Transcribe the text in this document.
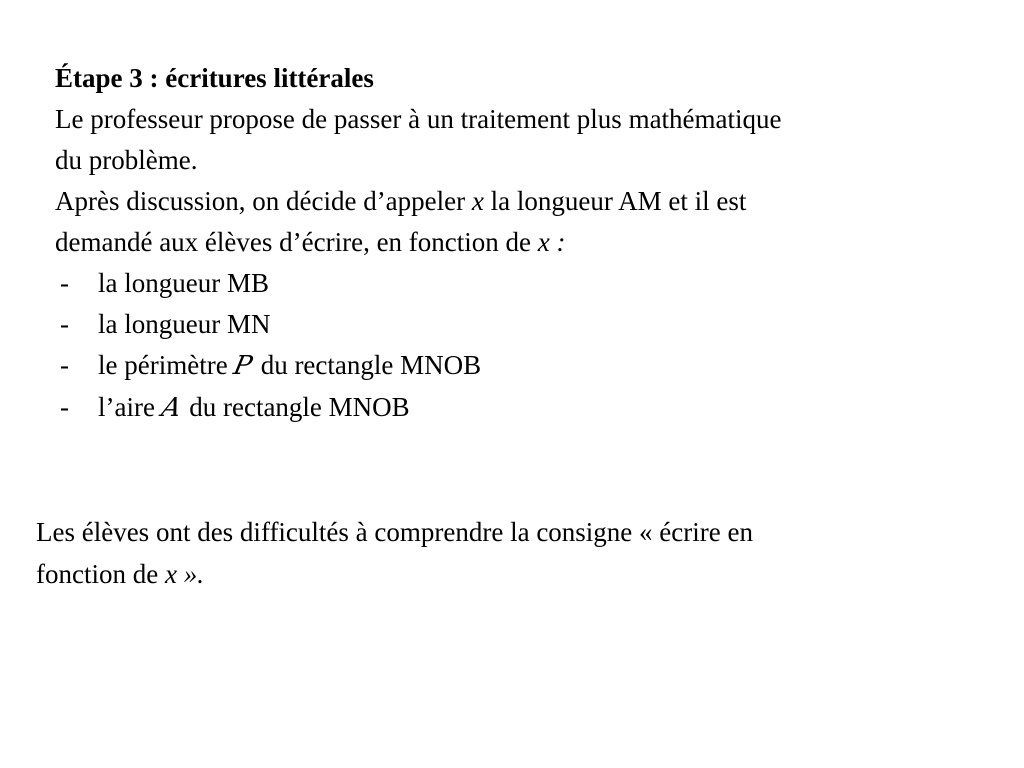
Étape 3 : écritures littérales
Le professeur propose de passer à un traitement plus mathématique
du problème.
Après discussion, on décide d’appeler x la longueur AM et il est
demandé aux élèves d’écrire, en fonction de x :
- la longueur MB
- la longueur MN
- le périmètre P du rectangle MNOB
- l’aire A du rectangle MNOB
Les élèves ont des difficultés à comprendre la consigne « écrire en
fonction de x ».
